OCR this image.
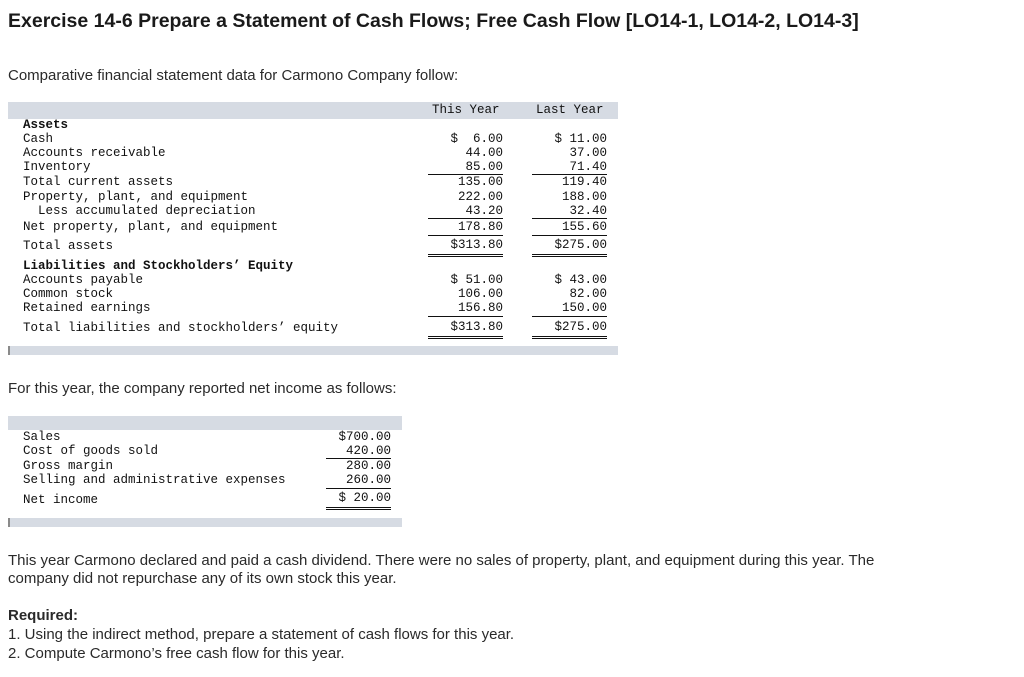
Exercise 14-6 Prepare a Statement of Cash Flows; Free Cash Flow [LO14-1, LO14-2, LO14-3]
Comparative financial statement data for Carmono Company follow:
This Year	Last Year
Assets
Cash	$  6.00	$ 11.00
Accounts receivable	44.00	37.00
Inventory	85.00	71.40
Total current assets	135.00	119.40
Property, plant, and equipment	222.00	188.00
Less accumulated depreciation	43.20	32.40
Net property, plant, and equipment	178.80	155.60
Total assets	$313.80	$275.00
Liabilities and Stockholders’ Equity
Accounts payable	$ 51.00	$ 43.00
Common stock	106.00	82.00
Retained earnings	156.80	150.00
Total liabilities and stockholders’ equity	$313.80	$275.00
For this year, the company reported net income as follows:
Sales	$700.00
Cost of goods sold	420.00
Gross margin	280.00
Selling and administrative expenses	260.00
Net income	$ 20.00
This year Carmono declared and paid a cash dividend. There were no sales of property, plant, and equipment during this year. The
company did not repurchase any of its own stock this year.
Required:
1. Using the indirect method, prepare a statement of cash flows for this year.
2. Compute Carmono’s free cash flow for this year.
